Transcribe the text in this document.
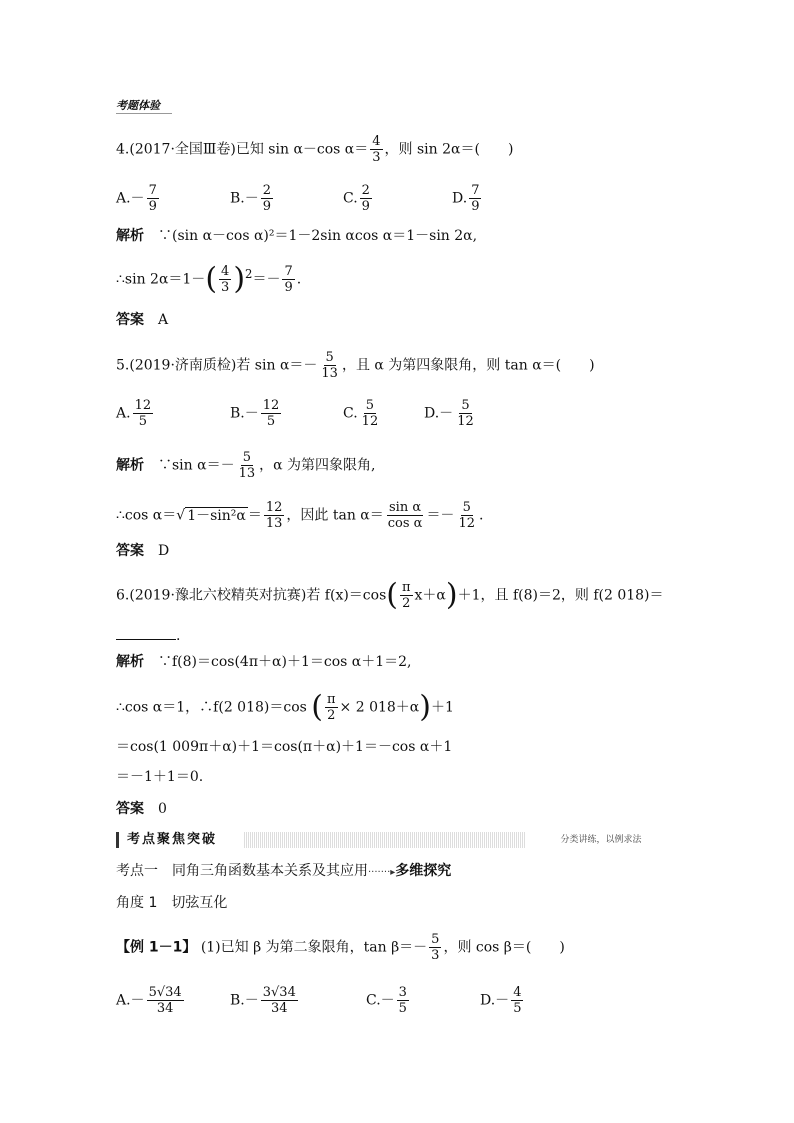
考题体验
4.(2017·全国Ⅲ卷)已知 sin α－cos $\alpha= \frac{4}{3}$ ，则 sin 2α＝(　　)
$A.- \frac{7}{9}$	$B.- \frac{2}{9}$	C. $\frac{2}{9}$	D. $\frac{7}{9}$
解析　 ∵(sin α－cos α)²＝1－2sin αcos α＝1－sin 2α,
∴sin $2\alpha=1-( \frac{4}{3} )^2=- \frac{7}{9}$ .
答案　 A
5.(2019·济南质检)若 $\sin \alpha=- \frac{5}{13}$ ，且 α 为第四象限角，则 tan α＝(　　)
A. $\frac{12}{5}$	$B.- \frac{12}{5}$	C. $\frac{5}{12}$	$D.- \frac{5}{12}$
解析　 ∵sin $\alpha=- \frac{5}{13}$ ，α 为第四象限角,
∴cos α＝√ $1-\sin^2\alpha = \frac{12}{13}$ ，因此 $\tan \alpha= \frac{\text{sin α}}{\text{cos α}} =- \frac{5}{12}$ .
答案　 D
6.(2019·豫北六校精英对抗赛)若 $f(x)=\cos( \frac{\pi}{2} x+\alpha)+1$，且 f(8)＝2，则 f(2 018)＝
.
解析　 ∵f(8)＝cos(4π＋α)＋1＝cos α＋1＝2,
∴cos α＝1，∴f(2 018)＝cos ( $\frac{\pi}{2} \times 2$ 018＋α)＋1
＝cos(1 009π＋α)＋1＝cos(π＋α)＋1＝－cos α＋1
＝－1＋1＝0.
答案　 0
考点聚焦突破	分类讲练，以例求法
考点一　同角三角函数基本关系及其应用·······▸多维探究
角度 1　切弦互化
【例 1－1】 (1)已知 β 为第二象限角，$\tan \beta=- \frac{5}{3}$ ，则 cos β＝(　　)
$A.- \frac{5√34}{34}$	$B.- \frac{3√34}{34}$	$C.- \frac{3}{5}$	$D.- \frac{4}{5}$
